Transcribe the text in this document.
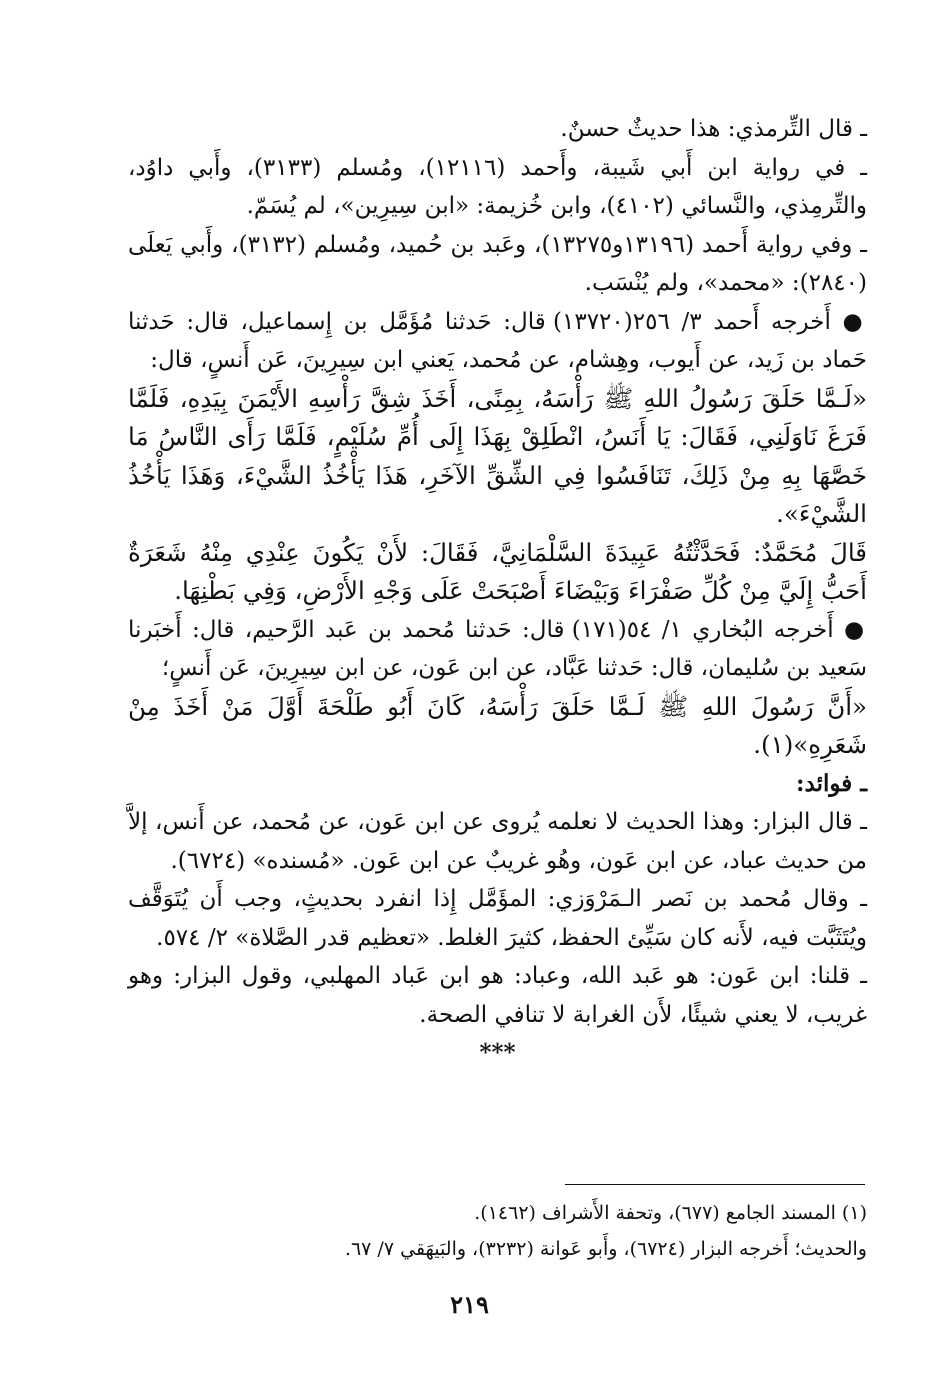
ـ قال التِّرمذي: هذا حديثٌ حسنٌ.

ـ في رواية ابن أَبي شَيبة، وأَحمد (١٢١١٦)، ومُسلم (٣١٣٣)، وأَبي داوُد، والتِّرمِذي، والنَّسائي (٤١٠٢)، وابن خُزيمة: «ابن سِيرِين»، لم يُسَمّ.

ـ وفي رواية أَحمد (١٣١٩٦و١٣٢٧٥)، وعَبد بن حُميد، ومُسلم (٣١٣٢)، وأَبي يَعلَى (٢٨٤٠): «محمد»، ولم يُنْسَب.

● أَخرجه أَحمد ٣/ ٢٥٦(١٣٧٢٠) قال: حَدثنا مُؤَمَّل بن إِسماعيل، قال: حَدثنا حَماد بن زَيد، عن أَيوب، وهِشام، عن مُحمد، يَعني ابن سِيرِينَ، عَن أَنسٍ، قال:

«لَـمَّا حَلَقَ رَسُولُ اللهِ ﷺ رَأْسَهُ، بِمِنًى، أَخَذَ شِقَّ رَأْسِهِ الأَيْمَنَ بِيَدِهِ، فَلَمَّا فَرَغَ نَاوَلَنِي، فَقَالَ: يَا أَنَسُ، انْطَلِقْ بِهَذَا إِلَى أُمِّ سُلَيْمٍ، فَلَمَّا رَأَى النَّاسُ مَا خَصَّهَا بِهِ مِنْ ذَلِكَ، تَنَافَسُوا فِي الشِّقِّ الآخَرِ، هَذَا يَأْخُذُ الشَّيْءَ، وَهَذَا يَأْخُذُ الشَّيْءَ».

قَالَ مُحَمَّدٌ: فَحَدَّثْتُهُ عَبِيدَةَ السَّلْمَانِيَّ، فَقَالَ: لأَنْ يَكُونَ عِنْدِي مِنْهُ شَعَرَةٌ أَحَبُّ إِلَيَّ مِنْ كُلِّ صَفْرَاءَ وَبَيْضَاءَ أَصْبَحَتْ عَلَى وَجْهِ الأَرْضِ، وَفِي بَطْنِهَا.

● أَخرجه البُخاري ١/ ٥٤(١٧١) قال: حَدثنا مُحمد بن عَبد الرَّحيم، قال: أَخبَرنا سَعيد بن سُليمان، قال: حَدثنا عَبَّاد، عن ابن عَون، عن ابن سِيرِينَ، عَن أَنسٍ؛

«أَنَّ رَسُولَ اللهِ ﷺ لَـمَّا حَلَقَ رَأْسَهُ، كَانَ أَبُو طَلْحَةَ أَوَّلَ مَنْ أَخَذَ مِنْ شَعَرِهِ»(١).

ـ فوائد:

ـ قال البزار: وهذا الحديث لا نعلمه يُروى عن ابن عَون، عن مُحمد، عن أَنس، إلاَّ من حديث عباد، عن ابن عَون، وهُو غريبٌ عن ابن عَون. «مُسنده» (٦٧٢٤).

ـ وقال مُحمد بن نَصر الـمَرْوَزي: المؤَمَّل إِذا انفرد بحديثٍ، وجب أَن يُتَوَقَّف ويُتَثَبَّت فيه، لأَنه كان سَيِّئ الحفظ، كثيرَ الغلط. «تعظيم قدر الصَّلاة» ٢/ ٥٧٤.

ـ قلنا: ابن عَون: هو عَبد الله، وعباد: هو ابن عَباد المهلبي، وقول البزار: وهو غريب، لا يعني شيئًا، لأَن الغرابة لا تنافي الصحة.

***

(١) المسند الجامع (٦٧٧)، وتحفة الأَشراف (١٤٦٢).

والحديث؛ أَخرجه البزار (٦٧٢٤)، وأَبو عَوانة (٣٢٣٢)، والبَيهَقي ٧/ ٦٧.

٢١٩
